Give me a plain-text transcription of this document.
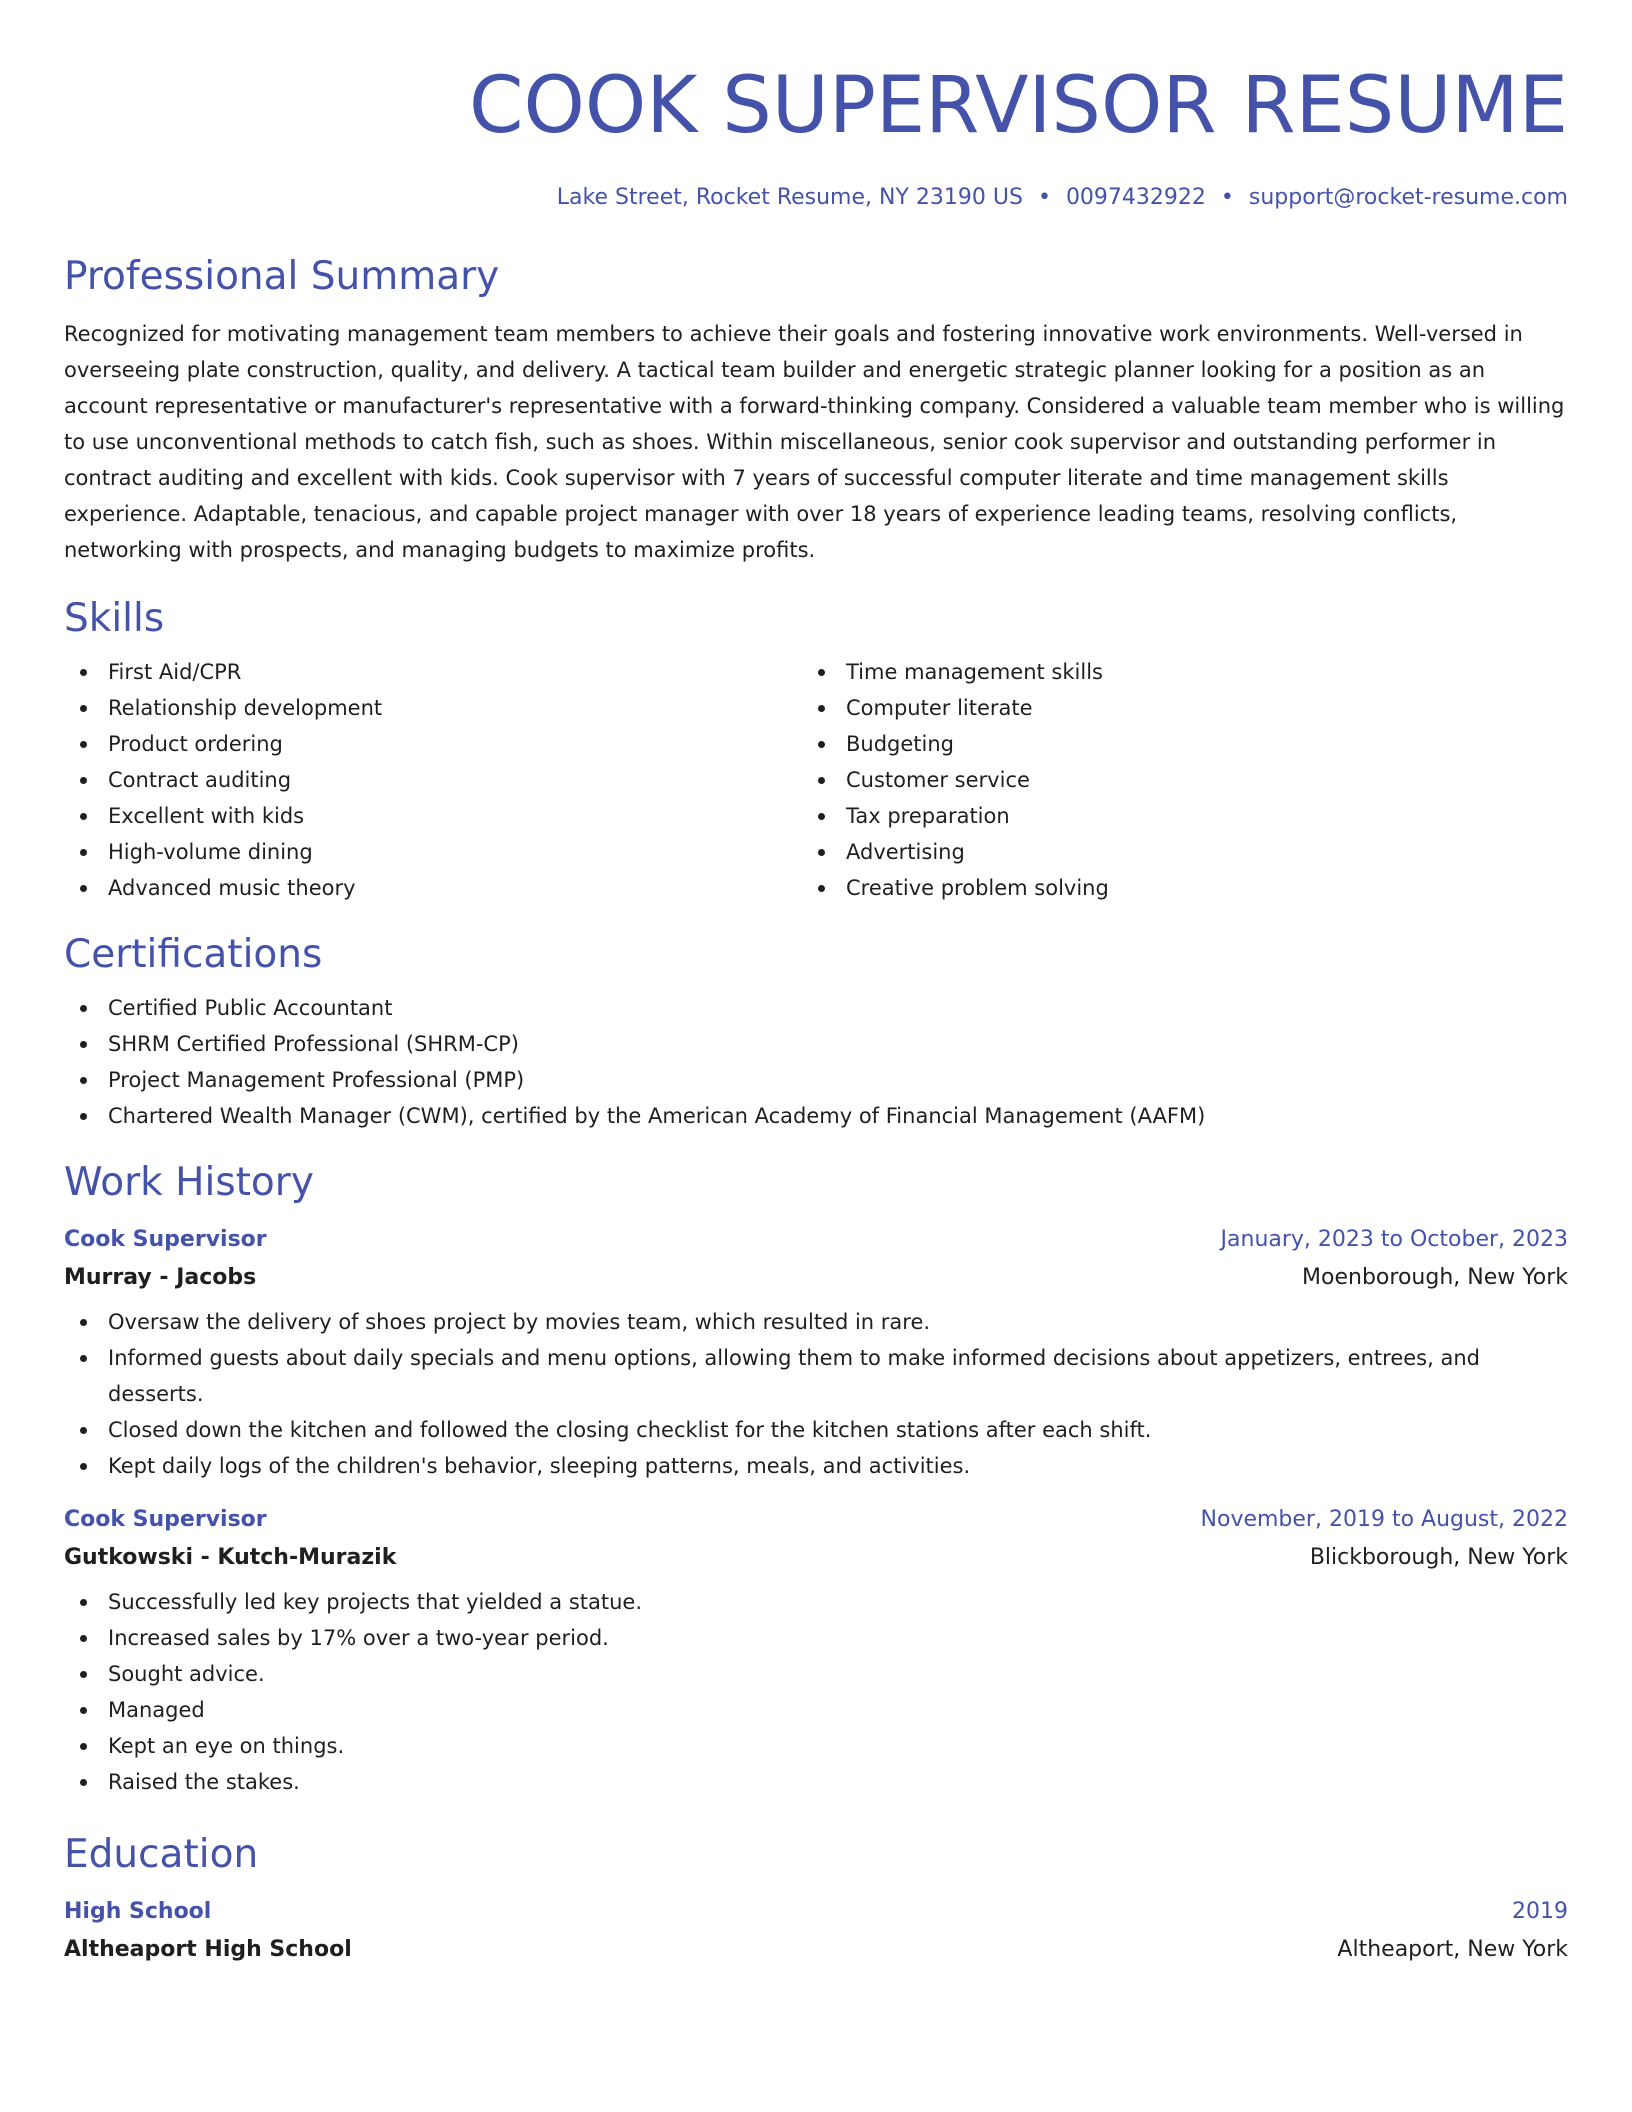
COOK SUPERVISOR RESUME
Lake Street, Rocket Resume, NY 23190 US • 0097432922 • support@rocket-resume.com
Professional Summary

Recognized for motivating management team members to achieve their goals and fostering innovative work environments. Well-versed in overseeing plate construction, quality, and delivery. A tactical team builder and energetic strategic planner looking for a position as an account representative or manufacturer's representative with a forward-thinking company. Considered a valuable team member who is willing to use unconventional methods to catch fish, such as shoes. Within miscellaneous, senior cook supervisor and outstanding performer in contract auditing and excellent with kids. Cook supervisor with 7 years of successful computer literate and time management skills experience. Adaptable, tenacious, and capable project manager with over 18 years of experience leading teams, resolving conflicts, networking with prospects, and managing budgets to maximize profits.

Skills
First Aid/CPR
Relationship development
Product ordering
Contract auditing
Excellent with kids
High-volume dining
Advanced music theory
Time management skills
Computer literate
Budgeting
Customer service
Tax preparation
Advertising
Creative problem solving
Certifications
Certified Public Accountant
SHRM Certified Professional (SHRM-CP)
Project Management Professional (PMP)
Chartered Wealth Manager (CWM), certified by the American Academy of Financial Management (AAFM)
Work History
Cook Supervisor	January, 2023 to October, 2023
Murray - Jacobs	Moenborough, New York
Oversaw the delivery of shoes project by movies team, which resulted in rare.
Informed guests about daily specials and menu options, allowing them to make informed decisions about appetizers, entrees, and desserts.
Closed down the kitchen and followed the closing checklist for the kitchen stations after each shift.
Kept daily logs of the children's behavior, sleeping patterns, meals, and activities.
Cook Supervisor	November, 2019 to August, 2022
Gutkowski - Kutch-Murazik	Blickborough, New York
Successfully led key projects that yielded a statue.
Increased sales by 17% over a two-year period.
Sought advice.
Managed
Kept an eye on things.
Raised the stakes.
Education
High School	2019
Altheaport High School	Altheaport, New York
